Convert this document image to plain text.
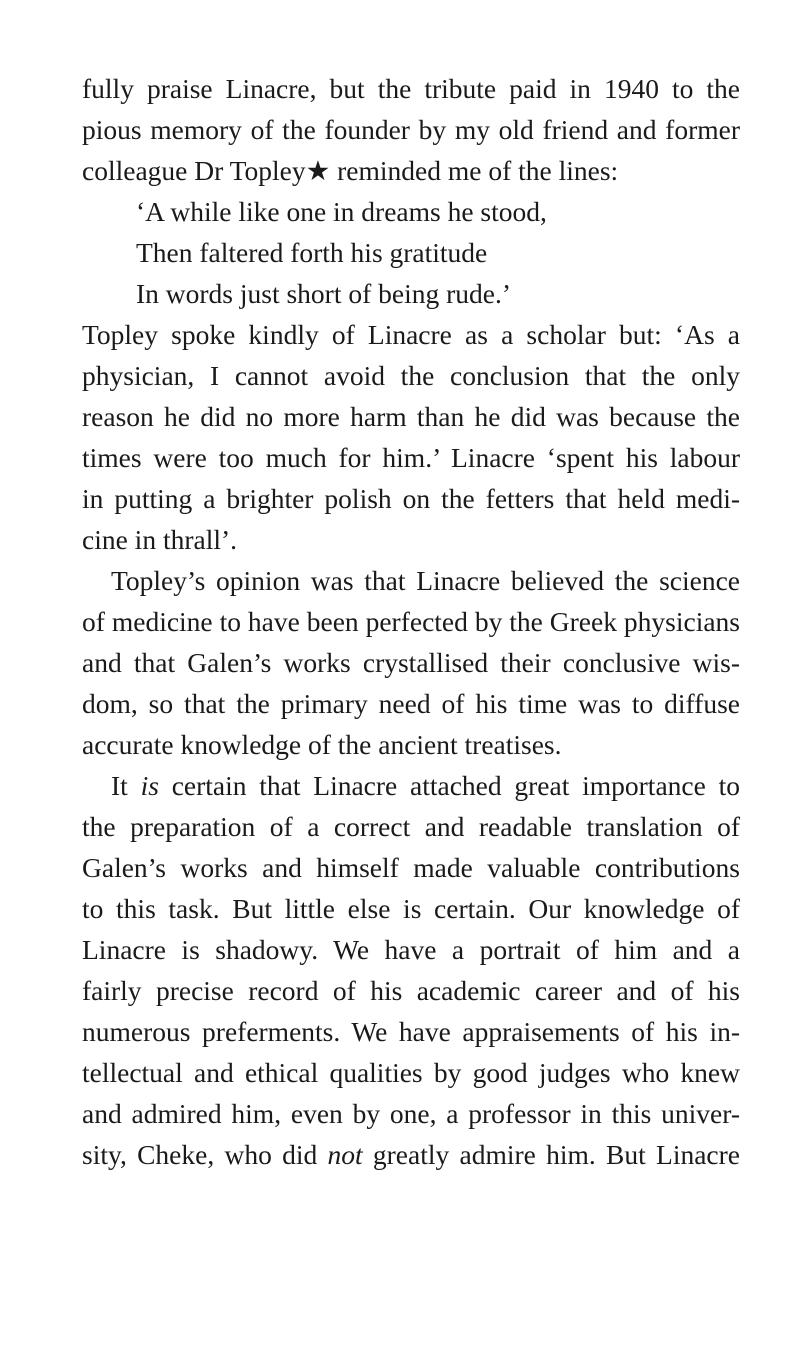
fully praise Linacre, but the tribute paid in 1940 to the
pious memory of the founder by my old friend and former
colleague Dr Topley★ reminded me of the lines:
‘A while like one in dreams he stood,
Then faltered forth his gratitude
In words just short of being rude.’
Topley spoke kindly of Linacre as a scholar but: ‘As a
physician, I cannot avoid the conclusion that the only
reason he did no more harm than he did was because the
times were too much for him.’ Linacre ‘spent his labour
in putting a brighter polish on the fetters that held medi-
cine in thrall’.
Topley’s opinion was that Linacre believed the science
of medicine to have been perfected by the Greek physicians
and that Galen’s works crystallised their conclusive wis-
dom, so that the primary need of his time was to diffuse
accurate knowledge of the ancient treatises.
It is certain that Linacre attached great importance to
the preparation of a correct and readable translation of
Galen’s works and himself made valuable contributions
to this task. But little else is certain. Our knowledge of
Linacre is shadowy. We have a portrait of him and a
fairly precise record of his academic career and of his
numerous preferments. We have appraisements of his in-
tellectual and ethical qualities by good judges who knew
and admired him, even by one, a professor in this univer-
sity, Cheke, who did not greatly admire him. But Linacre
